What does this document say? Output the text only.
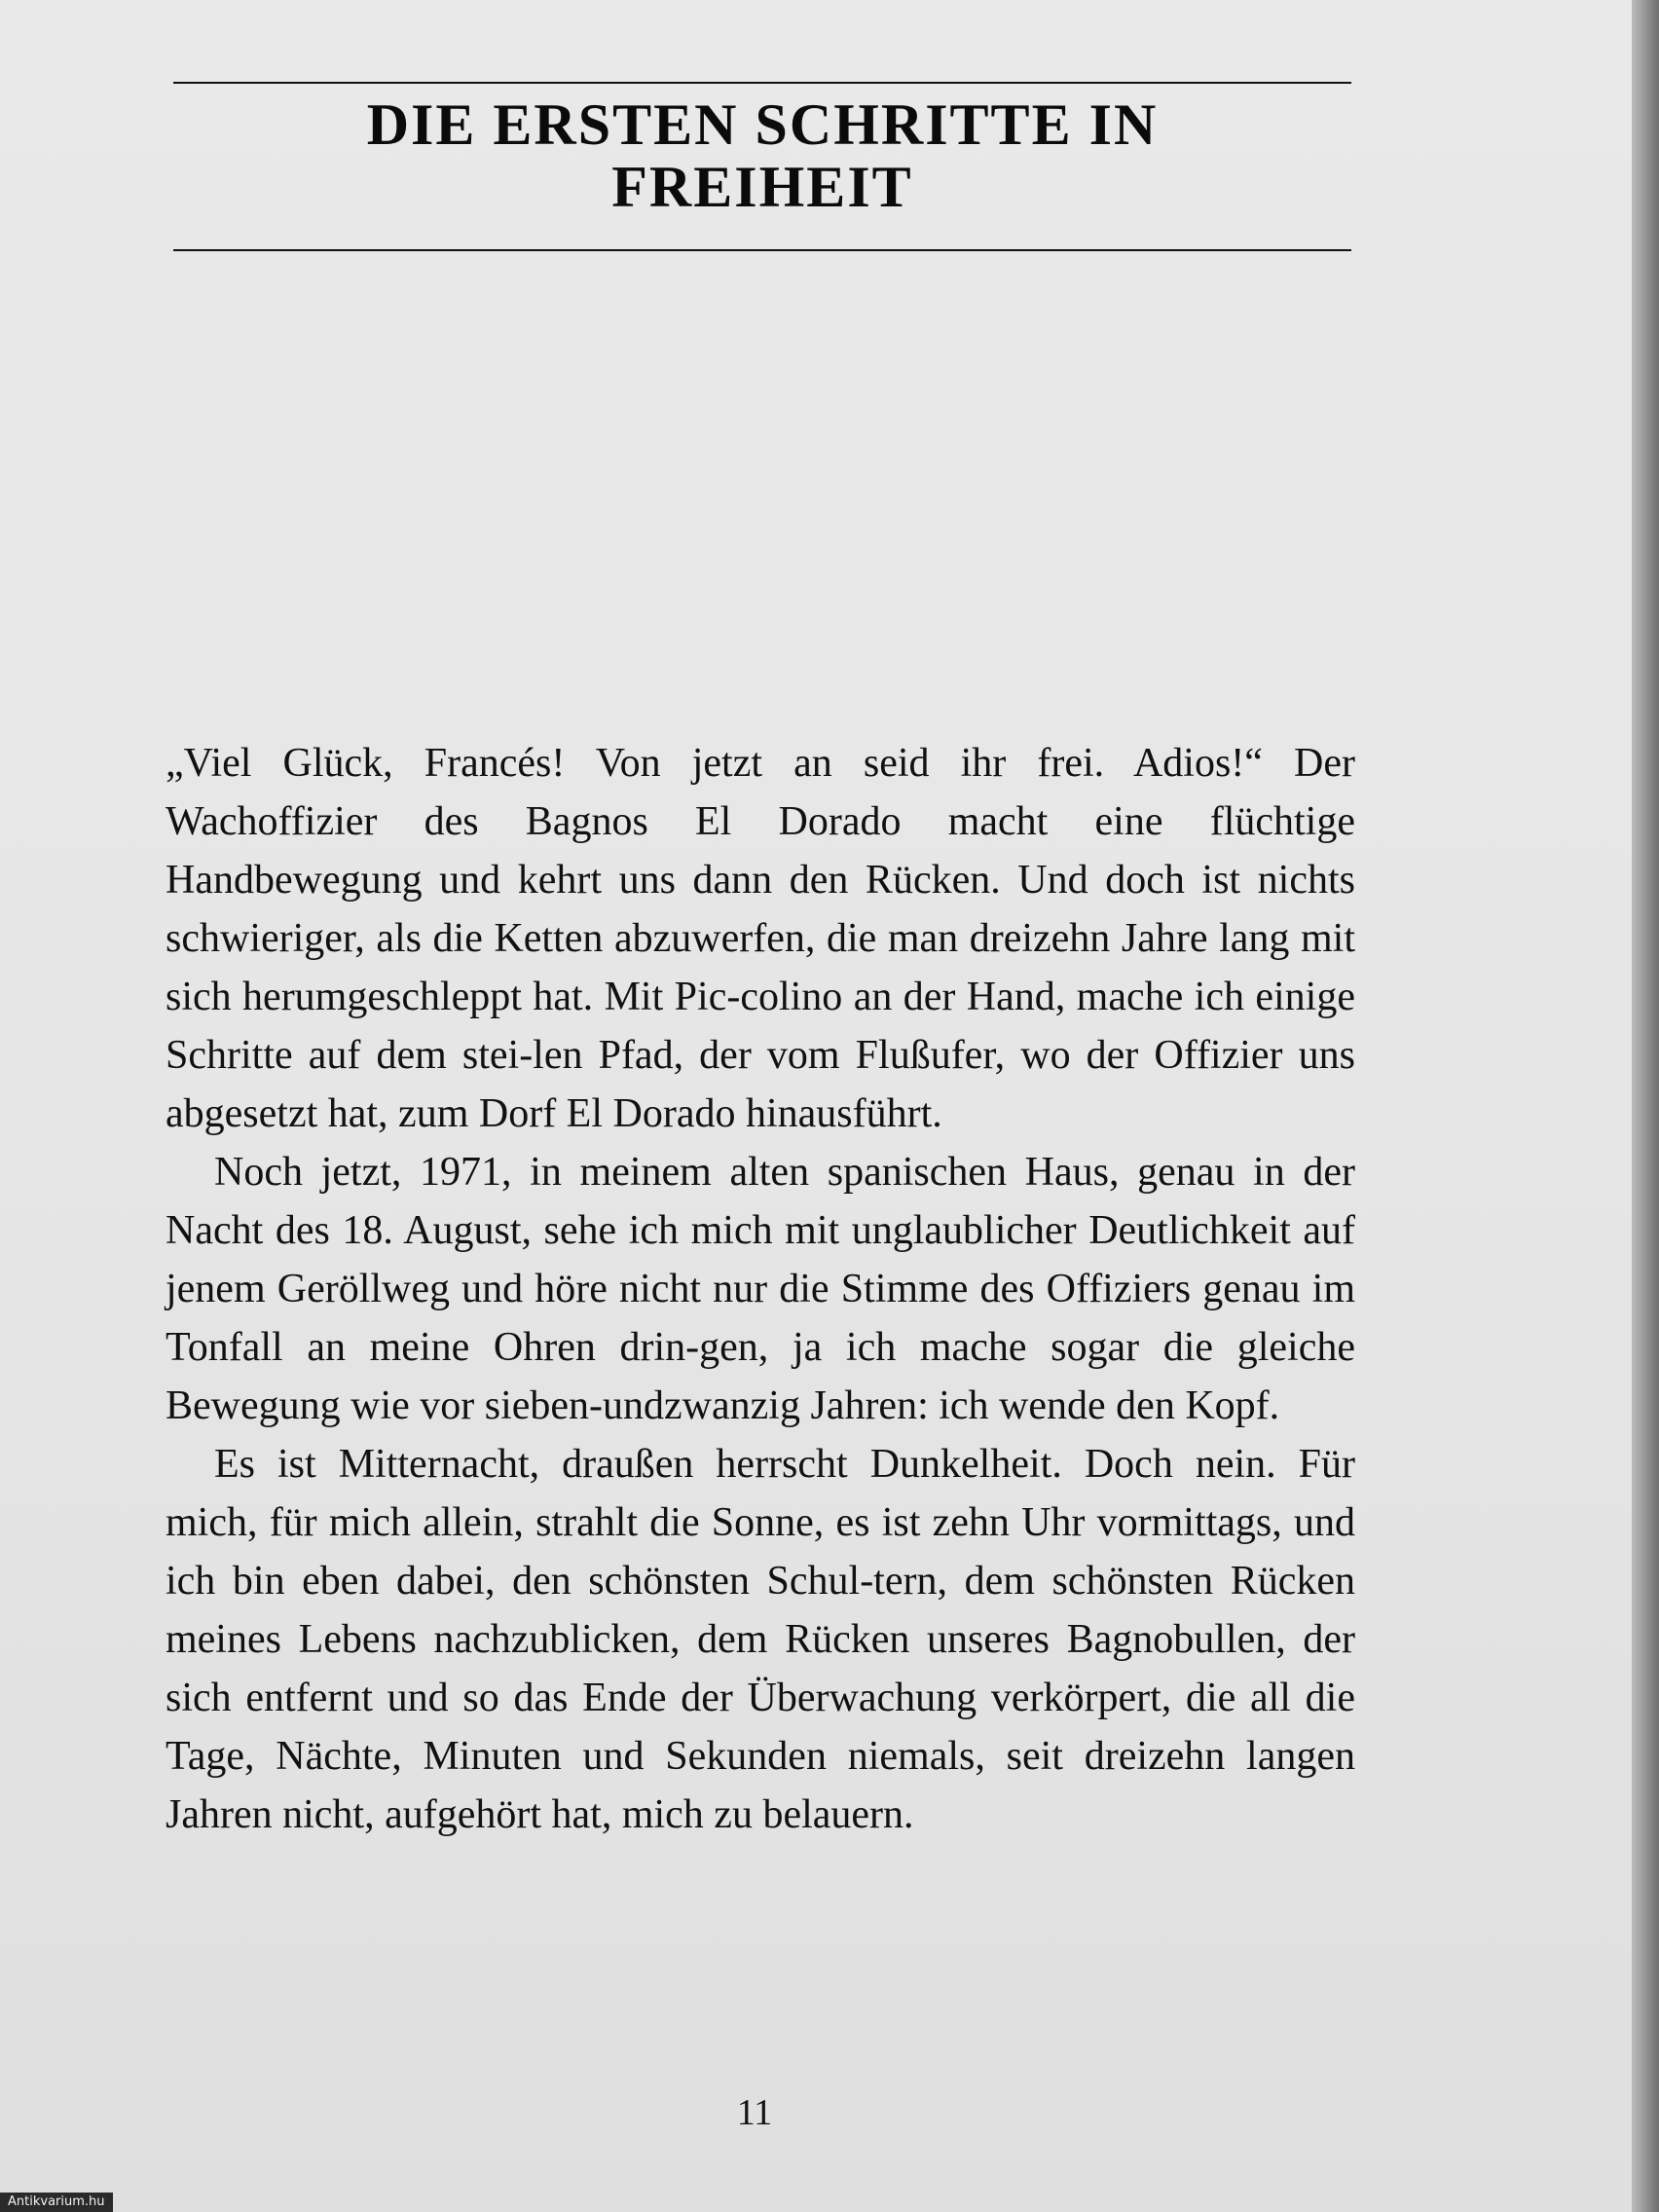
DIE ERSTEN SCHRITTE IN
FREIHEIT

„Viel Glück, Francés! Von jetzt an seid ihr frei. Adios!“ Der Wachoffizier des Bagnos El Dorado macht eine flüchtige Handbewegung und kehrt uns dann den Rücken. Und doch ist nichts schwieriger, als die Ketten abzuwerfen, die man dreizehn Jahre lang mit sich herumgeschleppt hat. Mit Pic-colino an der Hand, mache ich einige Schritte auf dem stei-len Pfad, der vom Flußufer, wo der Offizier uns abgesetzt hat, zum Dorf El Dorado hinausführt.

Noch jetzt, 1971, in meinem alten spanischen Haus, genau in der Nacht des 18. August, sehe ich mich mit unglaublicher Deutlichkeit auf jenem Geröllweg und höre nicht nur die Stimme des Offiziers genau im Tonfall an meine Ohren drin-gen, ja ich mache sogar die gleiche Bewegung wie vor sieben-undzwanzig Jahren: ich wende den Kopf.

Es ist Mitternacht, draußen herrscht Dunkelheit. Doch nein. Für mich, für mich allein, strahlt die Sonne, es ist zehn Uhr vormittags, und ich bin eben dabei, den schönsten Schul-tern, dem schönsten Rücken meines Lebens nachzublicken, dem Rücken unseres Bagnobullen, der sich entfernt und so das Ende der Überwachung verkörpert, die all die Tage, Nächte, Minuten und Sekunden niemals, seit dreizehn langen Jahren nicht, aufgehört hat, mich zu belauern.

11
Antikvarium.hu
